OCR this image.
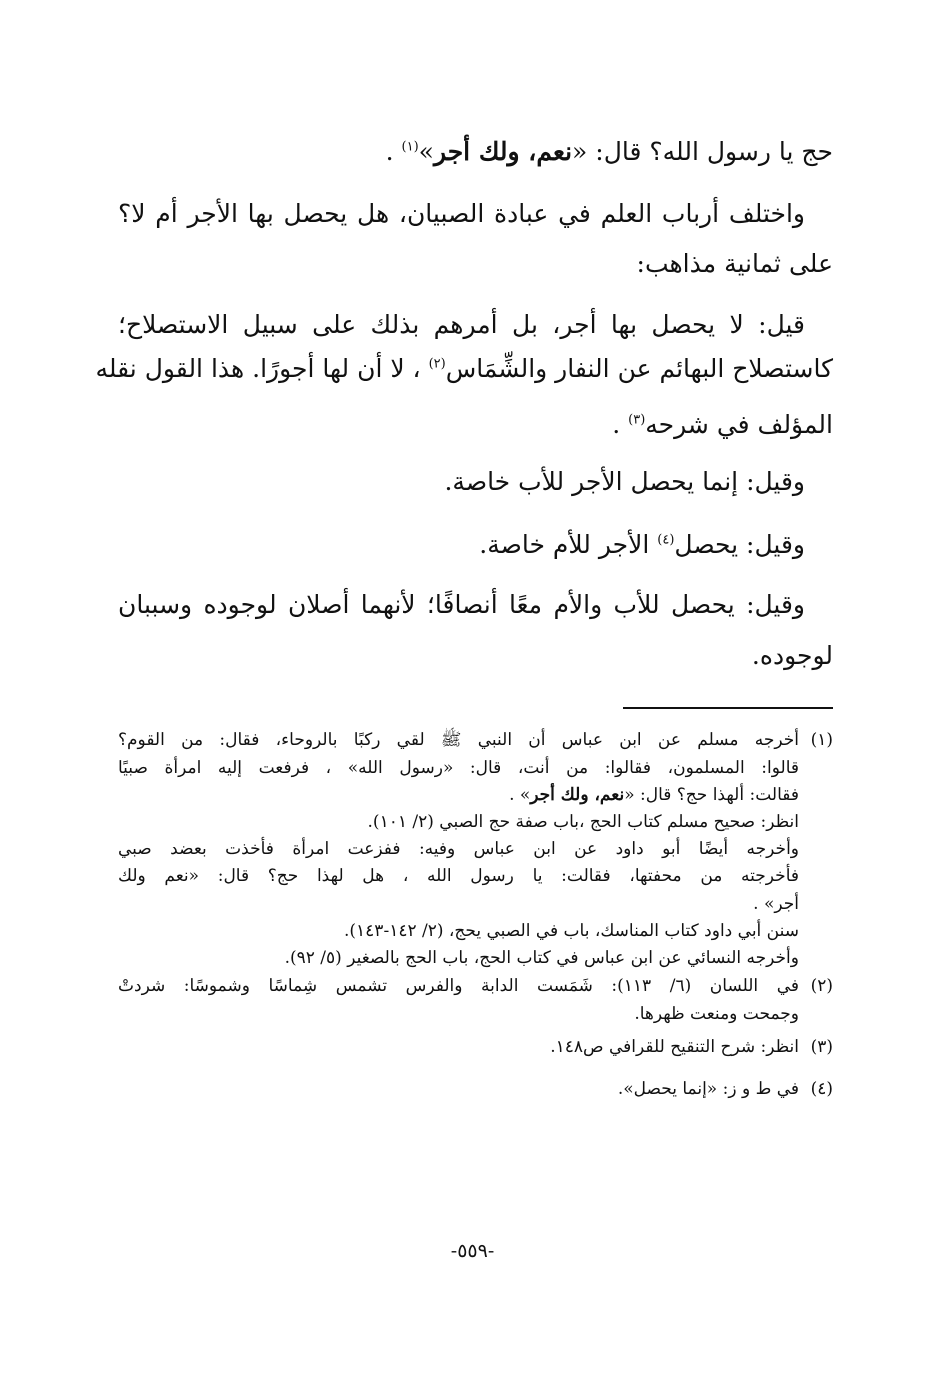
حج يا رسول الله؟ قال: «نعم، ولك أجر»$^{(١)}$ .
واختلف أرباب العلم في عبادة الصبيان، هل يحصل بها الأجر أم لا؟
على ثمانية مذاهب:
قيل: لا يحصل بها أجر، بل أمرهم بذلك على سبيل الاستصلاح؛
كاستصلاح البهائم عن النفار والشِّمَاس$^{(٢)}$ ، لا أن لها أجورًا. هذا القول نقله
المؤلف في شرحه$^{(٣)}$ .
وقيل: إنما يحصل الأجر للأب خاصة.
وقيل: يحصل$^{(٤)}$ الأجر للأم خاصة.
وقيل: يحصل للأب والأم معًا أنصافًا؛ لأنهما أصلان لوجوده وسببان
لوجوده.
(١)أخرجه مسلم عن ابن عباس أن النبي ﷺ لقي ركبًا بالروحاء، فقال: من القوم؟
قالوا: المسلمون، فقالوا: من أنت، قال: «رسول الله» ، فرفعت إليه امرأة صبيًا
فقالت: ألهذا حج؟ قال: «نعم، ولك أجر» .
انظر: صحيح مسلم كتاب الحج ،باب صفة حج الصبي (٢/ ١٠١).
وأخرجه أيضًا أبو داود عن ابن عباس وفيه: ففزعت امرأة فأخذت بعضد صبي
فأخرجته من محفتها، فقالت: يا رسول الله ، هل لهذا حج؟ قال: «نعم ولك
أجر» .
سنن أبي داود كتاب المناسك، باب في الصبي يحج، (٢/ ١٤٢-١٤٣).
وأخرجه النسائي عن ابن عباس في كتاب الحج، باب الحج بالصغير (٥/ ٩٢).
(٢)في اللسان (٦/ ١١٣): شَمَست الدابة والفرس تشمس شِماسًا وشموسًا: شردتْ
وجمحت ومنعت ظهرها.
(٣)انظر: شرح التنقيح للقرافي ص١٤٨.
(٤)في ط و ز: «إنما يحصل».
-٥٥٩-
